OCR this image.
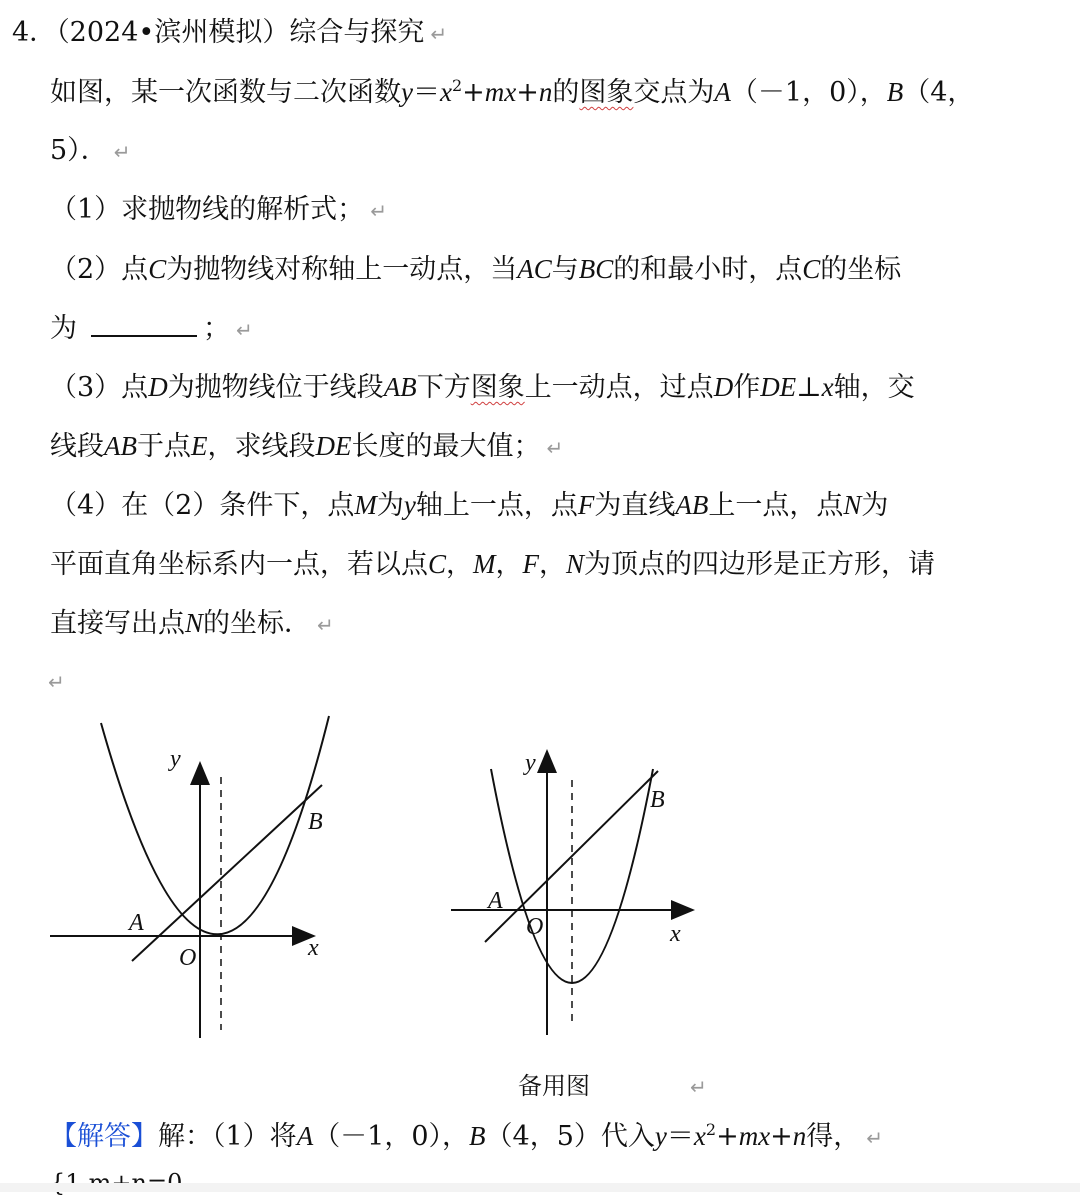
4．（2024•滨州模拟）综合与探究 ↵
如图，某一次函数与二次函数$y=x^2+mx+n$的图象交点为A（－1，0），B（4，
5）． ↵
（1）求抛物线的解析式； ↵
（2）点C为抛物线对称轴上一动点，当AC与BC的和最小时，点C的坐标
为	； ↵
（3）点D为抛物线位于线段AB下方图象上一动点，过点D作DE⊥x轴，交
线段AB于点E，求线段DE长度的最大值； ↵
（4）在（2）条件下，点M为y轴上一点，点F为直线AB上一点，点N为
平面直角坐标系内一点，若以点C，M，F，N为顶点的四边形是正方形，请
直接写出点N的坐标． ↵
↵
y
x
O
A
B
y
x
O
A
B
备用图	↵
【解答】解：（1）将A（－1，0），B（4，5）代入$y=x^2+mx+n$得， ↵
